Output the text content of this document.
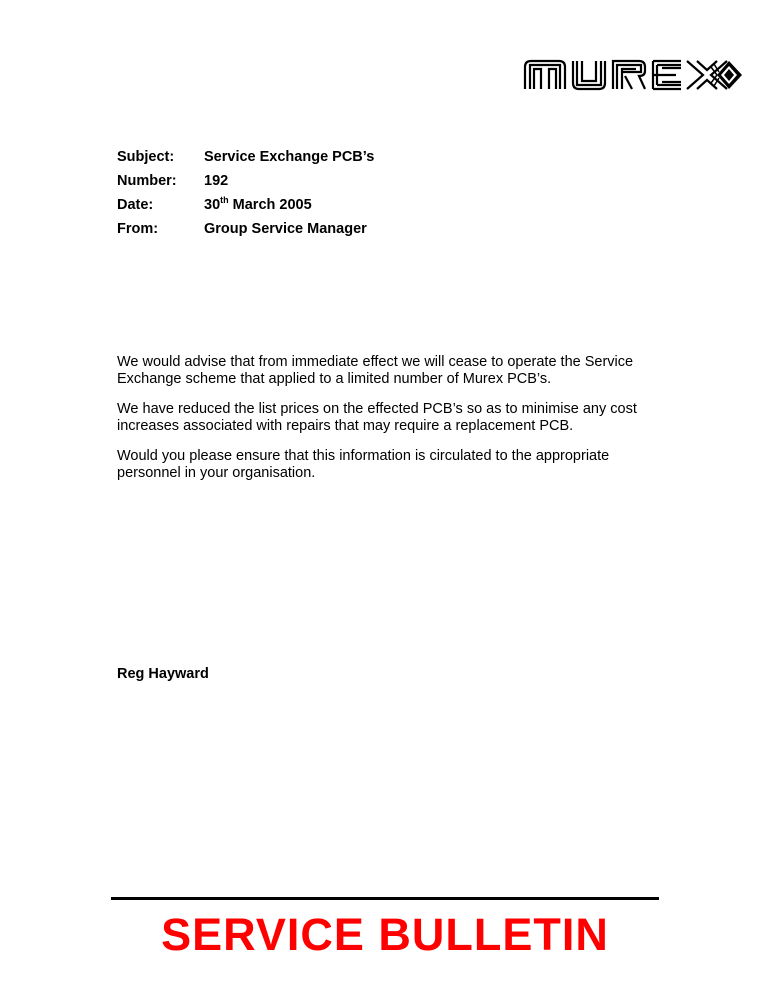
Subject:	Service Exchange PCB’s
Number:	192
Date:	30th March 2005
From:	Group Service Manager

We would advise that from immediate effect we will cease to operate the Service Exchange scheme that applied to a limited number of Murex PCB’s.

We have reduced the list prices on the effected PCB’s so as to minimise any cost increases associated with repairs that may require a replacement PCB.

Would you please ensure that this information is circulated to the appropriate personnel in your organisation.

Reg Hayward
SERVICE BULLETIN
